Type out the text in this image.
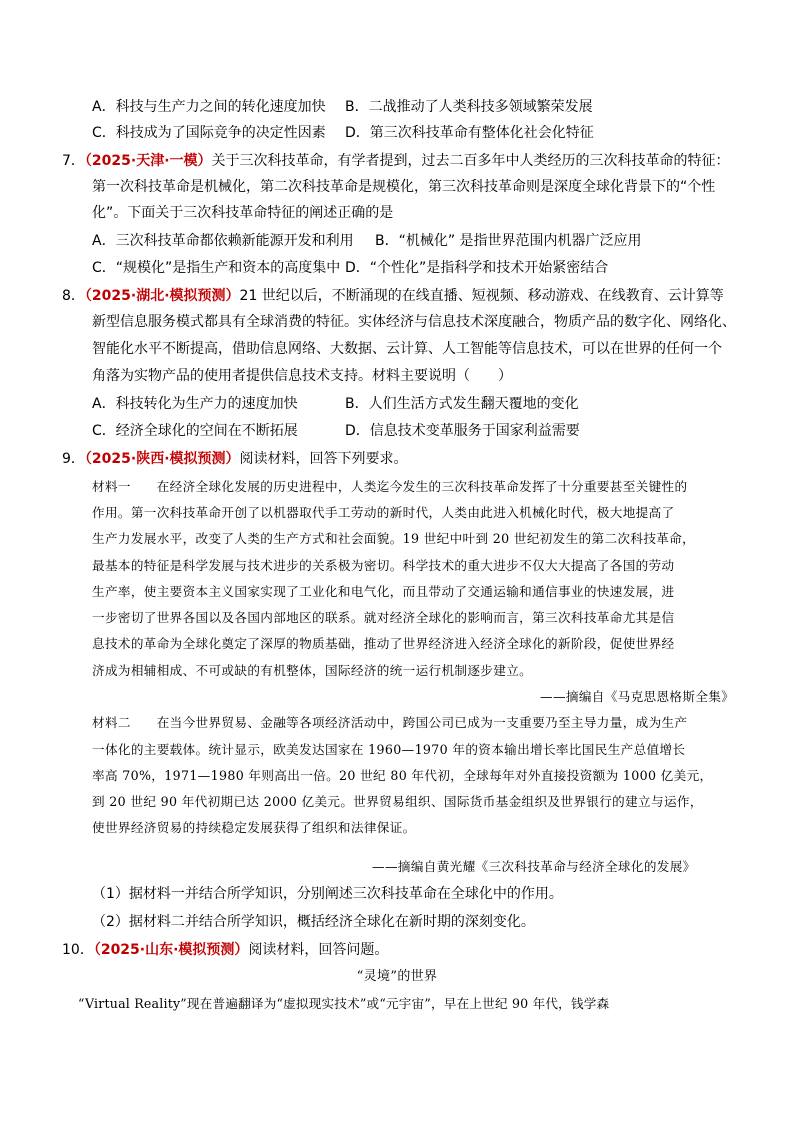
A．科技与生产力之间的转化速度加快 B．二战推动了人类科技多领域繁荣发展
C．科技成为了国际竞争的决定性因素 D．第三次科技革命有整体化社会化特征
7．（2025·天津·一模）关于三次科技革命，有学者提到，过去二百多年中人类经历的三次科技革命的特征：
第一次科技革命是机械化，第二次科技革命是规模化，第三次科技革命则是深度全球化背景下的“个性
化”。下面关于三次科技革命特征的阐述正确的是
A．三次科技革命都依赖新能源开发和利用 B．“机械化” 是指世界范围内机器广泛应用
C．“规模化”是指生产和资本的高度集中 D．“个性化”是指科学和技术开始紧密结合
8．（2025·湖北·模拟预测）21 世纪以后，不断涌现的在线直播、短视频、移动游戏、在线教育、云计算等
新型信息服务模式都具有全球消费的特征。实体经济与信息技术深度融合，物质产品的数字化、网络化、
智能化水平不断提高，借助信息网络、大数据、云计算、人工智能等信息技术，可以在世界的任何一个
角落为实物产品的使用者提供信息技术支持。材料主要说明（　　）
A．科技转化为生产力的速度加快	B．人们生活方式发生翻天覆地的变化
C．经济全球化的空间在不断拓展	D．信息技术变革服务于国家利益需要
9．（2025·陕西·模拟预测）阅读材料，回答下列要求。
材料一　　在经济全球化发展的历史进程中，人类迄今发生的三次科技革命发挥了十分重要甚至关键性的
作用。第一次科技革命开创了以机器取代手工劳动的新时代，人类由此进入机械化时代，极大地提高了
生产力发展水平，改变了人类的生产方式和社会面貌。19 世纪中叶到 20 世纪初发生的第二次科技革命，
最基本的特征是科学发展与技术进步的关系极为密切。科学技术的重大进步不仅大大提高了各国的劳动
生产率，使主要资本主义国家实现了工业化和电气化，而且带动了交通运输和通信事业的快速发展，进
一步密切了世界各国以及各国内部地区的联系。就对经济全球化的影响而言，第三次科技革命尤其是信
息技术的革命为全球化奠定了深厚的物质基础，推动了世界经济进入经济全球化的新阶段，促使世界经
济成为相辅相成、不可或缺的有机整体，国际经济的统一运行机制逐步建立。
——摘编自《马克思恩格斯全集》
材料二　　在当今世界贸易、金融等各项经济活动中，跨国公司已成为一支重要乃至主导力量，成为生产
一体化的主要载体。统计显示，欧美发达国家在 1960—1970 年的资本输出增长率比国民生产总值增长
率高 70%，1971—1980 年则高出一倍。20 世纪 80 年代初，全球每年对外直接投资额为 1000 亿美元，
到 20 世纪 90 年代初期已达 2000 亿美元。世界贸易组织、国际货币基金组织及世界银行的建立与运作，
使世界经济贸易的持续稳定发展获得了组织和法律保证。
——摘编自黄光耀《三次科技革命与经济全球化的发展》
（1）据材料一并结合所学知识，分别阐述三次科技革命在全球化中的作用。
（2）据材料二并结合所学知识，概括经济全球化在新时期的深刻变化。
10．（2025·山东·模拟预测）阅读材料，回答问题。
“灵境”的世界
“Virtual Reality”现在普遍翻译为“虚拟现实技术”或“元宇宙”，早在上世纪 90 年代，钱学森
